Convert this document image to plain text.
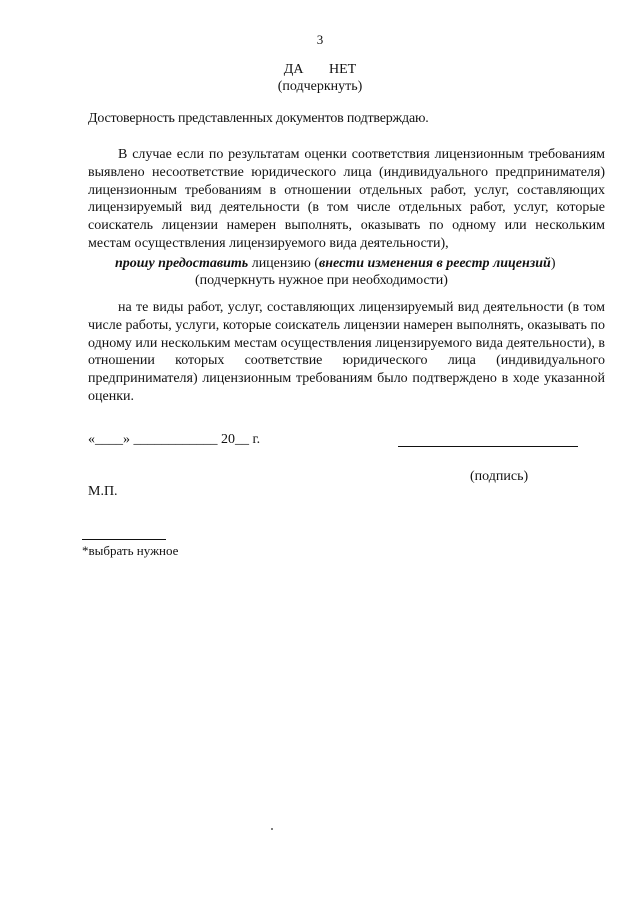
3
ДА НЕТ
(подчеркнуть)
Достоверность представленных документов подтверждаю.

В случае если по результатам оценки соответствия лицензионным требованиям выявлено несоответствие юридического лица (индивидуального предпринимателя) лицензионным требованиям в отношении отдельных работ, услуг, составляющих лицензируемый вид деятельности (в том числе отдельных работ, услуг, которые соискатель лицензии намерен выполнять, оказывать по одному или нескольким местам осуществления лицензируемого вида деятельности),

прошу предоставить лицензию (внести изменения в реестр лицензий)
(подчеркнуть нужное при необходимости)

на те виды работ, услуг, составляющих лицензируемый вид деятельности (в том числе работы, услуги, которые соискатель лицензии намерен выполнять, оказывать по одному или нескольким местам осуществления лицензируемого вида деятельности), в отношении которых соответствие юридического лица (индивидуального предпринимателя) лицензионным требованиям было подтверждено в ходе указанной оценки.

«____» ____________ 20__ г.
(подпись)
М.П.
*выбрать нужное
